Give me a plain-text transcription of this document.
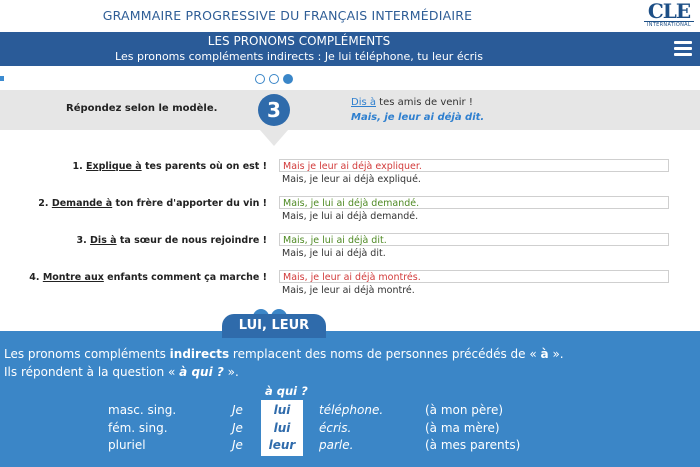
GRAMMAIRE PROGRESSIVE DU FRANÇAIS INTERMÉDIAIRE	CLE
INTERNATIONAL
LES PRONOMS COMPLÉMENTS
Les pronoms compléments indirects : Je lui téléphone, tu leur écris
Répondez selon le modèle.	3	Dis à tes amis de venir !
Mais, je leur ai déjà dit.
1. Explique à tes parents où on est !	Mais je leur ai déjà expliquer.
Mais, je leur ai déjà expliqué.
2. Demande à ton frère d'apporter du vin !	Mais, je lui ai déjà demandé.
Mais, je lui ai déjà demandé.
3. Dis à ta sœur de nous rejoindre !	Mais, je lui ai déjà dit.
Mais, je lui ai déjà dit.
4. Montre aux enfants comment ça marche !	Mais, je leur ai déjà montrés.
Mais, je leur ai déjà montré.
LUI, LEUR
Les pronoms compléments indirects remplacent des noms de personnes précédés de « à ».
Ils répondent à la question « à qui ? ».
à qui ?
masc. sing.	Je	lui	téléphone.	(à mon père)
fém. sing.	Je	lui	écris.	(à ma mère)
pluriel	Je	leur	parle.	(à mes parents)
